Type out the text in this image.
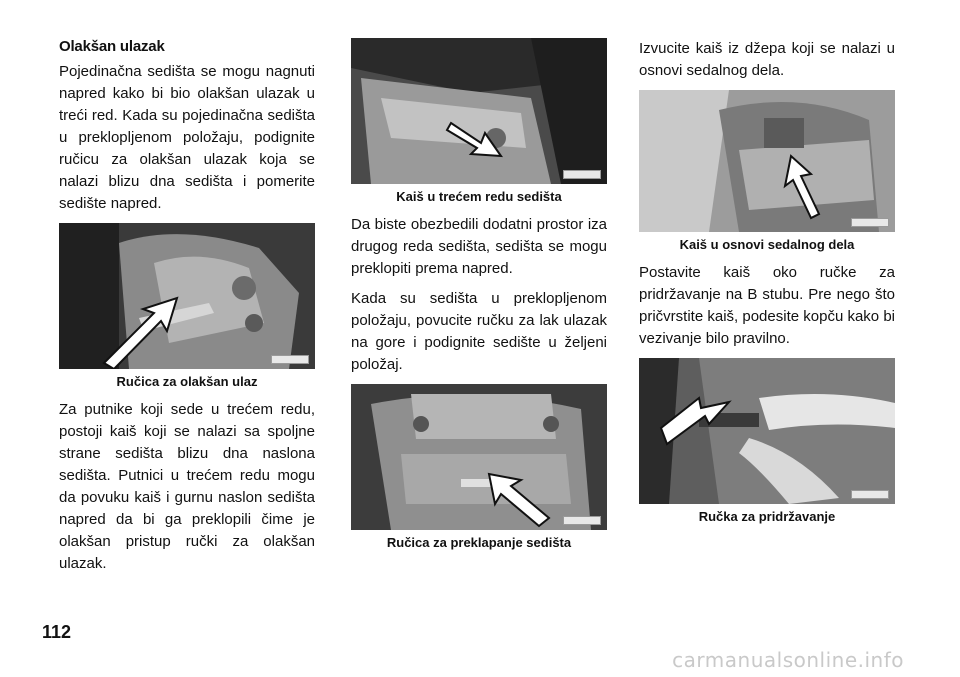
Olakšan ulazak

Pojedinačna sedišta se mogu nagnuti napred kako bi bio olakšan ulazak u treći red. Kada su pojedinačna sedišta u preklopljenom položaju, podignite ručicu za olakšan ulazak koja se nalazi blizu dna sedišta i pomerite sedište napred.

Ručica za olakšan ulaz

Za putnike koji sede u trećem redu, postoji kaiš koji se nalazi sa spoljne strane sedišta blizu dna naslona sedišta. Putnici u trećem redu mogu da povuku kaiš i gurnu naslon sedišta napred da bi ga preklopili čime je olakšan pristup ručki za olakšan ulazak.

Kaiš u trećem redu sedišta

Da biste obezbedili dodatni prostor iza drugog reda sedišta, sedišta se mogu preklopiti prema napred.

Kada su sedišta u preklopljenom položaju, povucite ručku za lak ulazak na gore i podignite sedište u željeni položaj.

Ručica za preklapanje sedišta

Izvucite kaiš iz džepa koji se nalazi u osnovi sedalnog dela.

Kaiš u osnovi sedalnog dela

Postavite kaiš oko ručke za pridržavanje na B stubu. Pre nego što pričvrstite kaiš, podesite kopču kako bi vezivanje bilo pravilno.

Ručka za pridržavanje
112
carmanualsonline.info
